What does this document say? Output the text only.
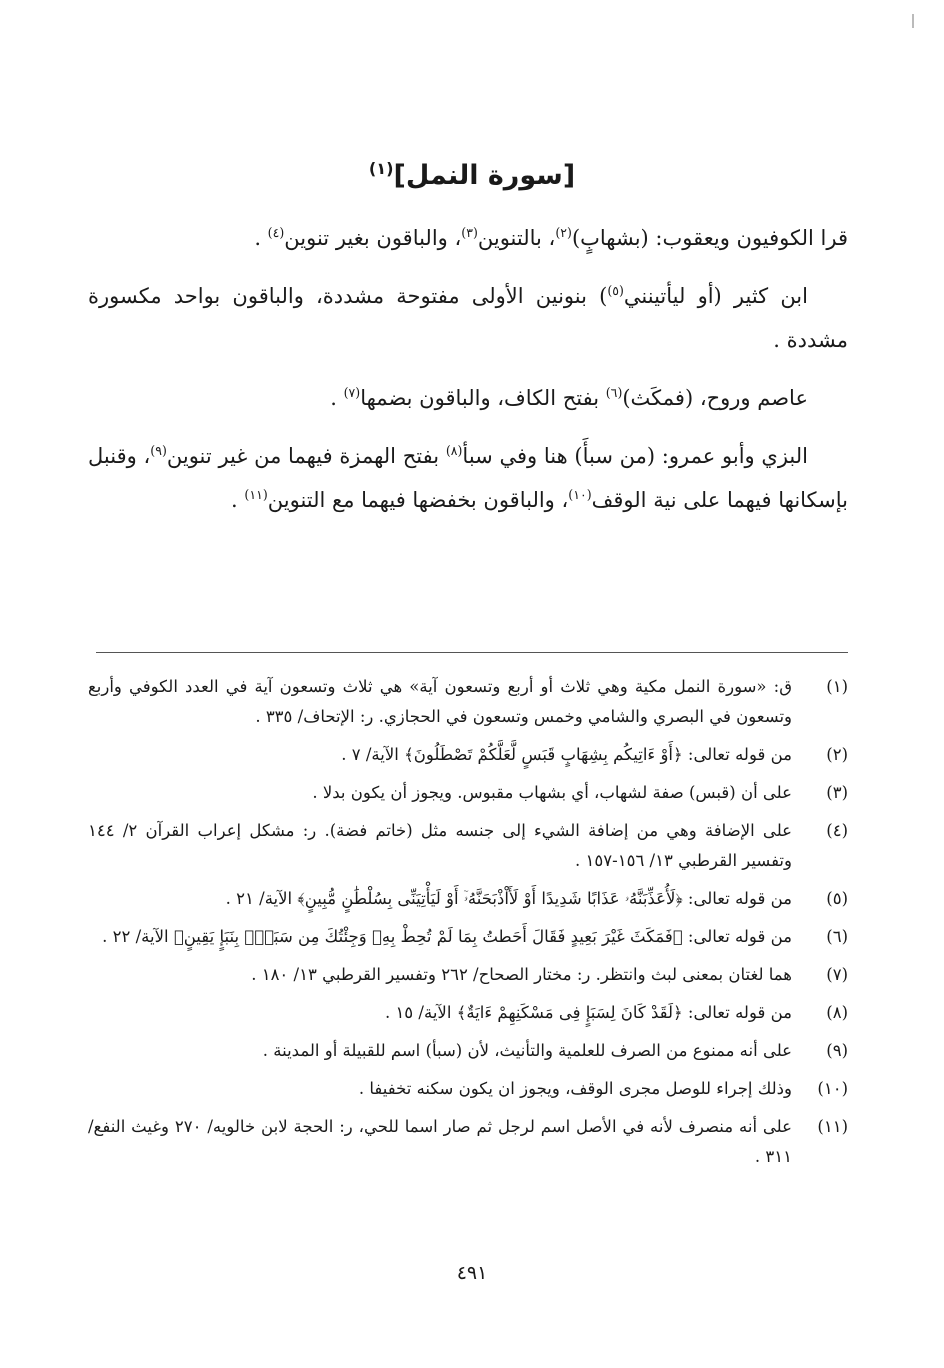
[سورة النمل]$^{(١)}$

قرا الكوفيون ويعقوب: (بشهابٍ)$^{(٢)}$، بالتنوين$^{(٣)}$، والباقون بغير تنوين$^{(٤)}$ .

ابن كثير (أو ليأتينني$^{(٥)}$) بنونين الأولى مفتوحة مشددة، والباقون بواحد مكسورة مشددة .

عاصم وروح، (فمكَث)$^{(٦)}$ بفتح الكاف، والباقون بضمها$^{(٧)}$ .

البزي وأبو عمرو: (من سبأَ) هنا وفي سبأ$^{(٨)}$ بفتح الهمزة فيهما من غير تنوين$^{(٩)}$، وقنبل بإسكانها فيهما على نية الوقف$^{(١٠)}$، والباقون بخفضها فيهما مع التنوين$^{(١١)}$ .

(١)
ق: «سورة النمل مكية وهي ثلاث أو أربع وتسعون آية» هي ثلاث وتسعون آية في العدد الكوفي وأربع وتسعون في البصري والشامي وخمس وتسعون في الحجازي. ر: الإتحاف/ ٣٣٥ .
(٢)
من قوله تعالى: ﴿أَوْ ءَاتِيكُم بِشِهَابٍ قَبَسٍ لَّعَلَّكُمْ تَصْطَلُونَ﴾ الآية/ ٧ .
(٣)
على أن (قبس) صفة لشهاب، أي بشهاب مقبوس. ويجوز أن يكون بدلا .
(٤)
على الإضافة وهي من إضافة الشيء إلى جنسه مثل (خاتم فضة). ر: مشكل إعراب القرآن ٢/ ١٤٤ وتفسير القرطبي ١٣/ ١٥٦-١٥٧ .
(٥)
من قوله تعالى: ﴿لَأُعَذِّبَنَّهُۥ عَذَابًا شَدِيدًا أَوْ لَأَاْذْبَحَنَّهُۥٓ أَوْ لَيَأْتِيَنِّى بِسُلْطَٰنٍ مُّبِينٍ﴾ الآية/ ٢١ .
(٦)
من قوله تعالى: ﴿فَمَكَثَ غَيْرَ بَعِيدٍ فَقَالَ أَحَطتُ بِمَا لَمْ تُحِطْ بِهِۦ وَجِئْتُكَ مِن سَبَإٍۭ بِنَبَإٍ يَقِينٍ﴾ الآية/ ٢٢ .
(٧)
هما لغتان بمعنى لبث وانتظر. ر: مختار الصحاح/ ٢٦٢ وتفسير القرطبي ١٣/ ١٨٠ .
(٨)
من قوله تعالى: ﴿لَقَدْ كَانَ لِسَبَإٍ فِى مَسْكَنِهِمْ ءَايَةٌ﴾ الآية/ ١٥ .
(٩)
على أنه ممنوع من الصرف للعلمية والتأنيث، لأن (سبأ) اسم للقبيلة أو المدينة .
(١٠)
وذلك إجراء للوصل مجرى الوقف، ويجوز ان يكون سكنه تخفيفا .
(١١)
على أنه منصرف لأنه في الأصل اسم لرجل ثم صار اسما للحي، ر: الحجة لابن خالويه/ ٢٧٠ وغيث النفع/ ٣١١ .
٤٩١
